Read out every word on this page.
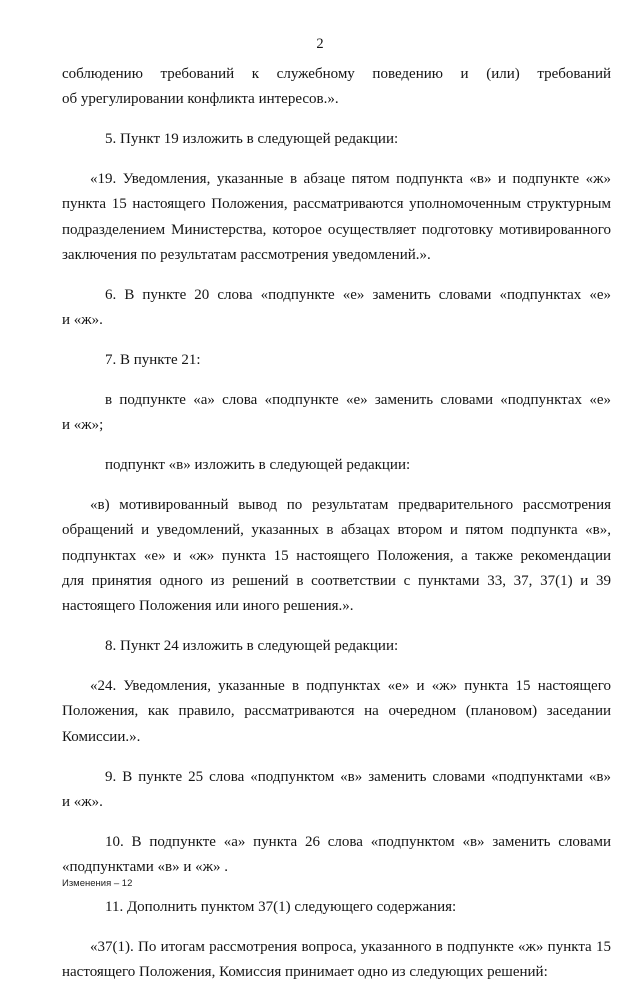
2
соблюдению требований к служебному поведению и (или) требований
об урегулировании конфликта интересов.».
5. Пункт 19 изложить в следующей редакции:
«19. Уведомления, указанные в абзаце пятом подпункта «в» и подпункте «ж»
пункта 15 настоящего Положения, рассматриваются уполномоченным структурным
подразделением Министерства, которое осуществляет подготовку мотивированного
заключения по результатам рассмотрения уведомлений.».
6. В пункте 20 слова «подпункте «е» заменить словами «подпунктах «е»
и «ж».
7. В пункте 21:
в подпункте «а» слова «подпункте «е» заменить словами «подпунктах «е»
и «ж»;
подпункт «в» изложить в следующей редакции:
«в) мотивированный вывод по результатам предварительного рассмотрения
обращений и уведомлений, указанных в абзацах втором и пятом подпункта «в»,
подпунктах «е» и «ж» пункта 15 настоящего Положения, а также рекомендации
для принятия одного из решений в соответствии с пунктами 33, 37, 37(1) и 39
настоящего Положения или иного решения.».
8. Пункт 24 изложить в следующей редакции:
«24. Уведомления, указанные в подпунктах «е» и «ж» пункта 15 настоящего
Положения, как правило, рассматриваются на очередном (плановом) заседании
Комиссии.».
9. В пункте 25 слова «подпунктом «в» заменить словами «подпунктами «в»
и «ж».
10. В подпункте «а» пункта 26 слова «подпунктом «в» заменить словами
«подпунктами «в» и «ж» .
11. Дополнить пунктом 37(1) следующего содержания:
«37(1). По итогам рассмотрения вопроса, указанного в подпункте «ж» пункта 15
настоящего Положения, Комиссия принимает одно из следующих решений:
Изменения – 12
